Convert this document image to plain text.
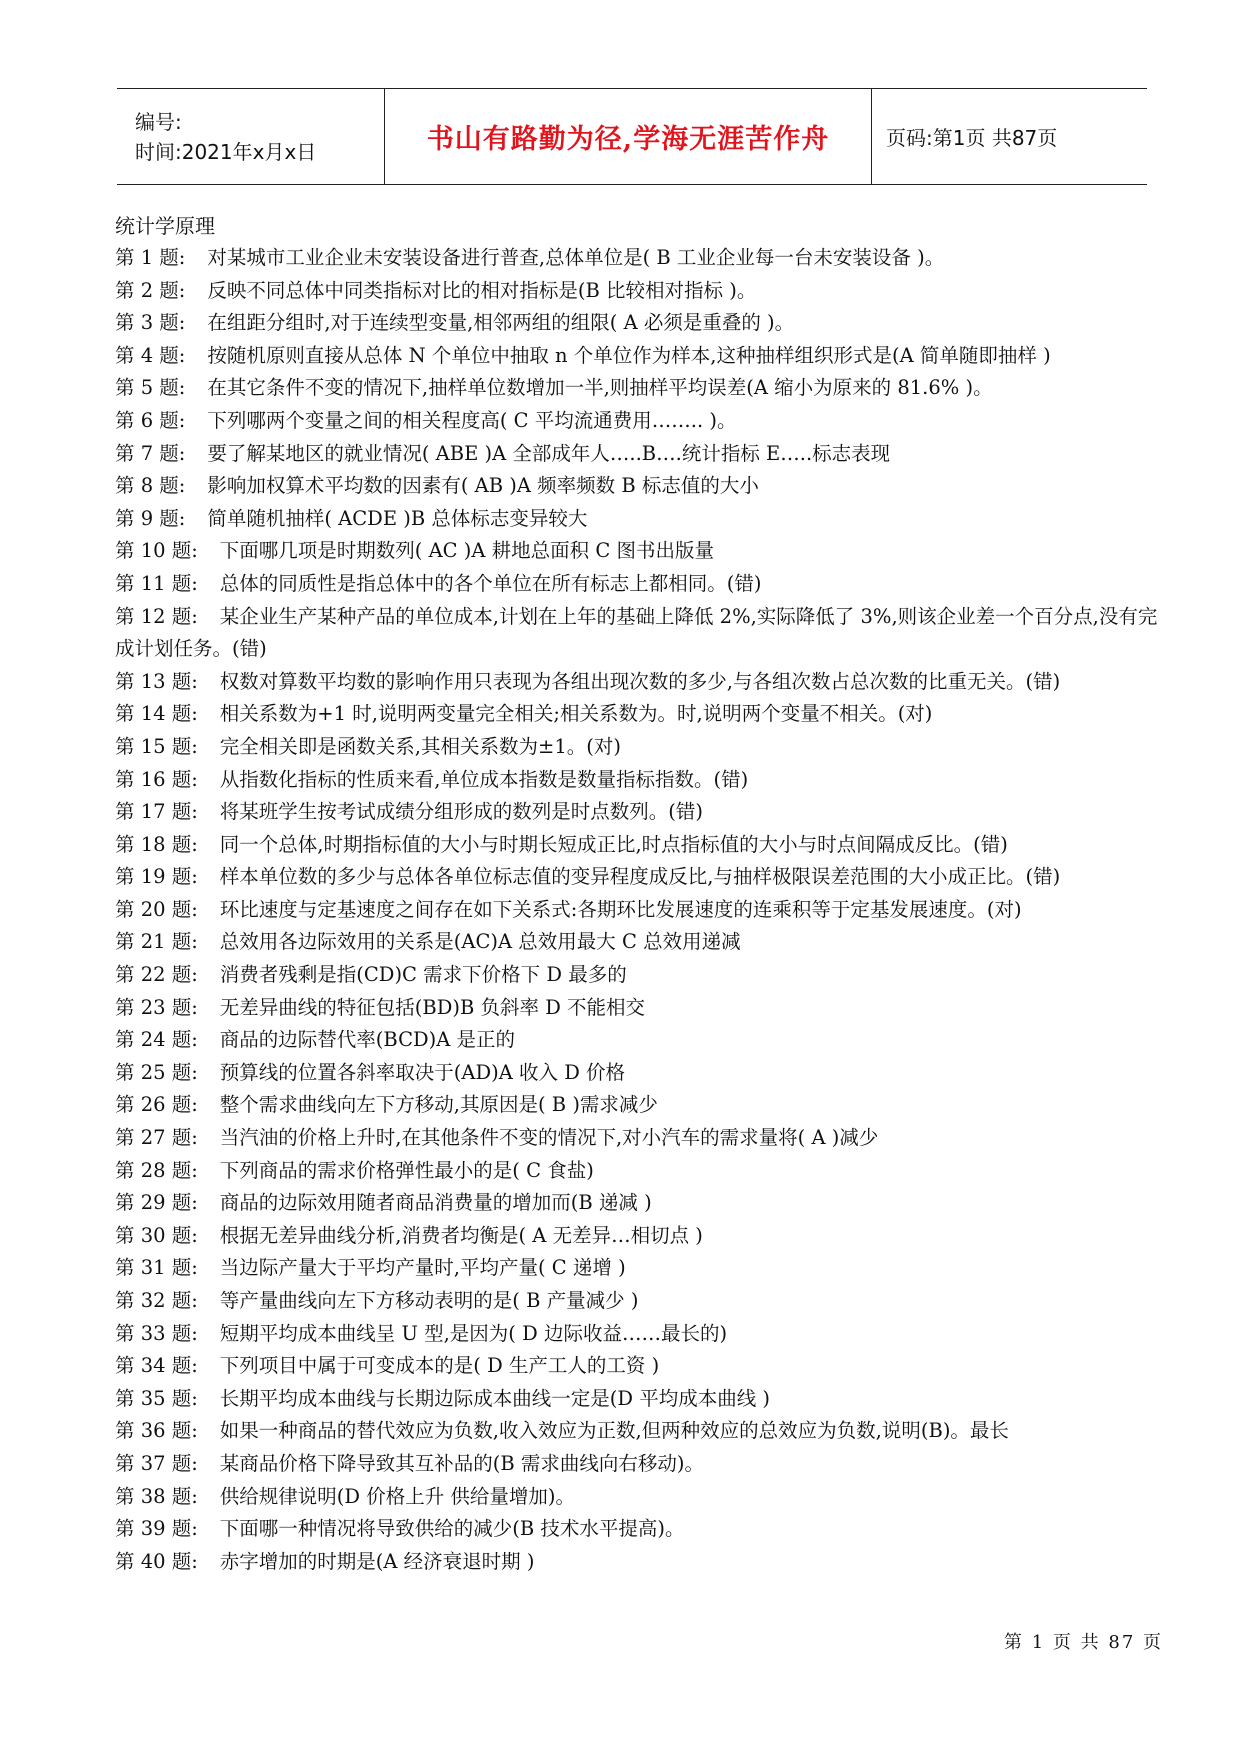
编号:
时间:2021年x月x日	书山有路勤为径,学海无涯苦作舟	页码:第1页 共87页
统计学原理
第 1 题: 对某城市工业企业未安装设备进行普查,总体单位是( B 工业企业每一台未安装设备 )。
第 2 题: 反映不同总体中同类指标对比的相对指标是(B 比较相对指标 )。
第 3 题: 在组距分组时,对于连续型变量,相邻两组的组限( A 必须是重叠的 )。
第 4 题: 按随机原则直接从总体 N 个单位中抽取 n 个单位作为样本,这种抽样组织形式是(A 简单随即抽样 )
第 5 题: 在其它条件不变的情况下,抽样单位数增加一半,则抽样平均误差(A 缩小为原来的 81.6% )。
第 6 题: 下列哪两个变量之间的相关程度高( C 平均流通费用…….. )。
第 7 题: 要了解某地区的就业情况( ABE )A 全部成年人…..B….统计指标 E…..标志表现
第 8 题: 影响加权算术平均数的因素有( AB )A 频率频数 B 标志值的大小
第 9 题: 简单随机抽样( ACDE )B 总体标志变异较大
第 10 题: 下面哪几项是时期数列( AC )A 耕地总面积 C 图书出版量
第 11 题: 总体的同质性是指总体中的各个单位在所有标志上都相同。(错)
第 12 题: 某企业生产某种产品的单位成本,计划在上年的基础上降低 2%,实际降低了 3%,则该企业差一个百分点,没有完成计划任务。(错)
第 13 题: 权数对算数平均数的影响作用只表现为各组出现次数的多少,与各组次数占总次数的比重无关。(错)
第 14 题: 相关系数为+1 时,说明两变量完全相关;相关系数为。时,说明两个变量不相关。(对)
第 15 题: 完全相关即是函数关系,其相关系数为±1。(对)
第 16 题: 从指数化指标的性质来看,单位成本指数是数量指标指数。(错)
第 17 题: 将某班学生按考试成绩分组形成的数列是时点数列。(错)
第 18 题: 同一个总体,时期指标值的大小与时期长短成正比,时点指标值的大小与时点间隔成反比。(错)
第 19 题: 样本单位数的多少与总体各单位标志值的变异程度成反比,与抽样极限误差范围的大小成正比。(错)
第 20 题: 环比速度与定基速度之间存在如下关系式:各期环比发展速度的连乘积等于定基发展速度。(对)
第 21 题: 总效用各边际效用的关系是(AC)A 总效用最大 C 总效用递减
第 22 题: 消费者残剩是指(CD)C 需求下价格下 D 最多的
第 23 题: 无差异曲线的特征包括(BD)B 负斜率 D 不能相交
第 24 题: 商品的边际替代率(BCD)A 是正的
第 25 题: 预算线的位置各斜率取决于(AD)A 收入 D 价格
第 26 题: 整个需求曲线向左下方移动,其原因是( B )需求减少
第 27 题: 当汽油的价格上升时,在其他条件不变的情况下,对小汽车的需求量将( A )减少
第 28 题: 下列商品的需求价格弹性最小的是( C 食盐)
第 29 题: 商品的边际效用随者商品消费量的增加而(B 递减 )
第 30 题: 根据无差异曲线分析,消费者均衡是( A 无差异…相切点 )
第 31 题: 当边际产量大于平均产量时,平均产量( C 递增 )
第 32 题: 等产量曲线向左下方移动表明的是( B 产量减少 )
第 33 题: 短期平均成本曲线呈 U 型,是因为( D 边际收益……最长的)
第 34 题: 下列项目中属于可变成本的是( D 生产工人的工资 )
第 35 题: 长期平均成本曲线与长期边际成本曲线一定是(D 平均成本曲线 )
第 36 题: 如果一种商品的替代效应为负数,收入效应为正数,但两种效应的总效应为负数,说明(B)。最长
第 37 题: 某商品价格下降导致其互补品的(B 需求曲线向右移动)。
第 38 题: 供给规律说明(D 价格上升 供给量增加)。
第 39 题: 下面哪一种情况将导致供给的减少(B 技术水平提高)。
第 40 题: 赤字增加的时期是(A 经济衰退时期 )
第 1 页 共 87 页
